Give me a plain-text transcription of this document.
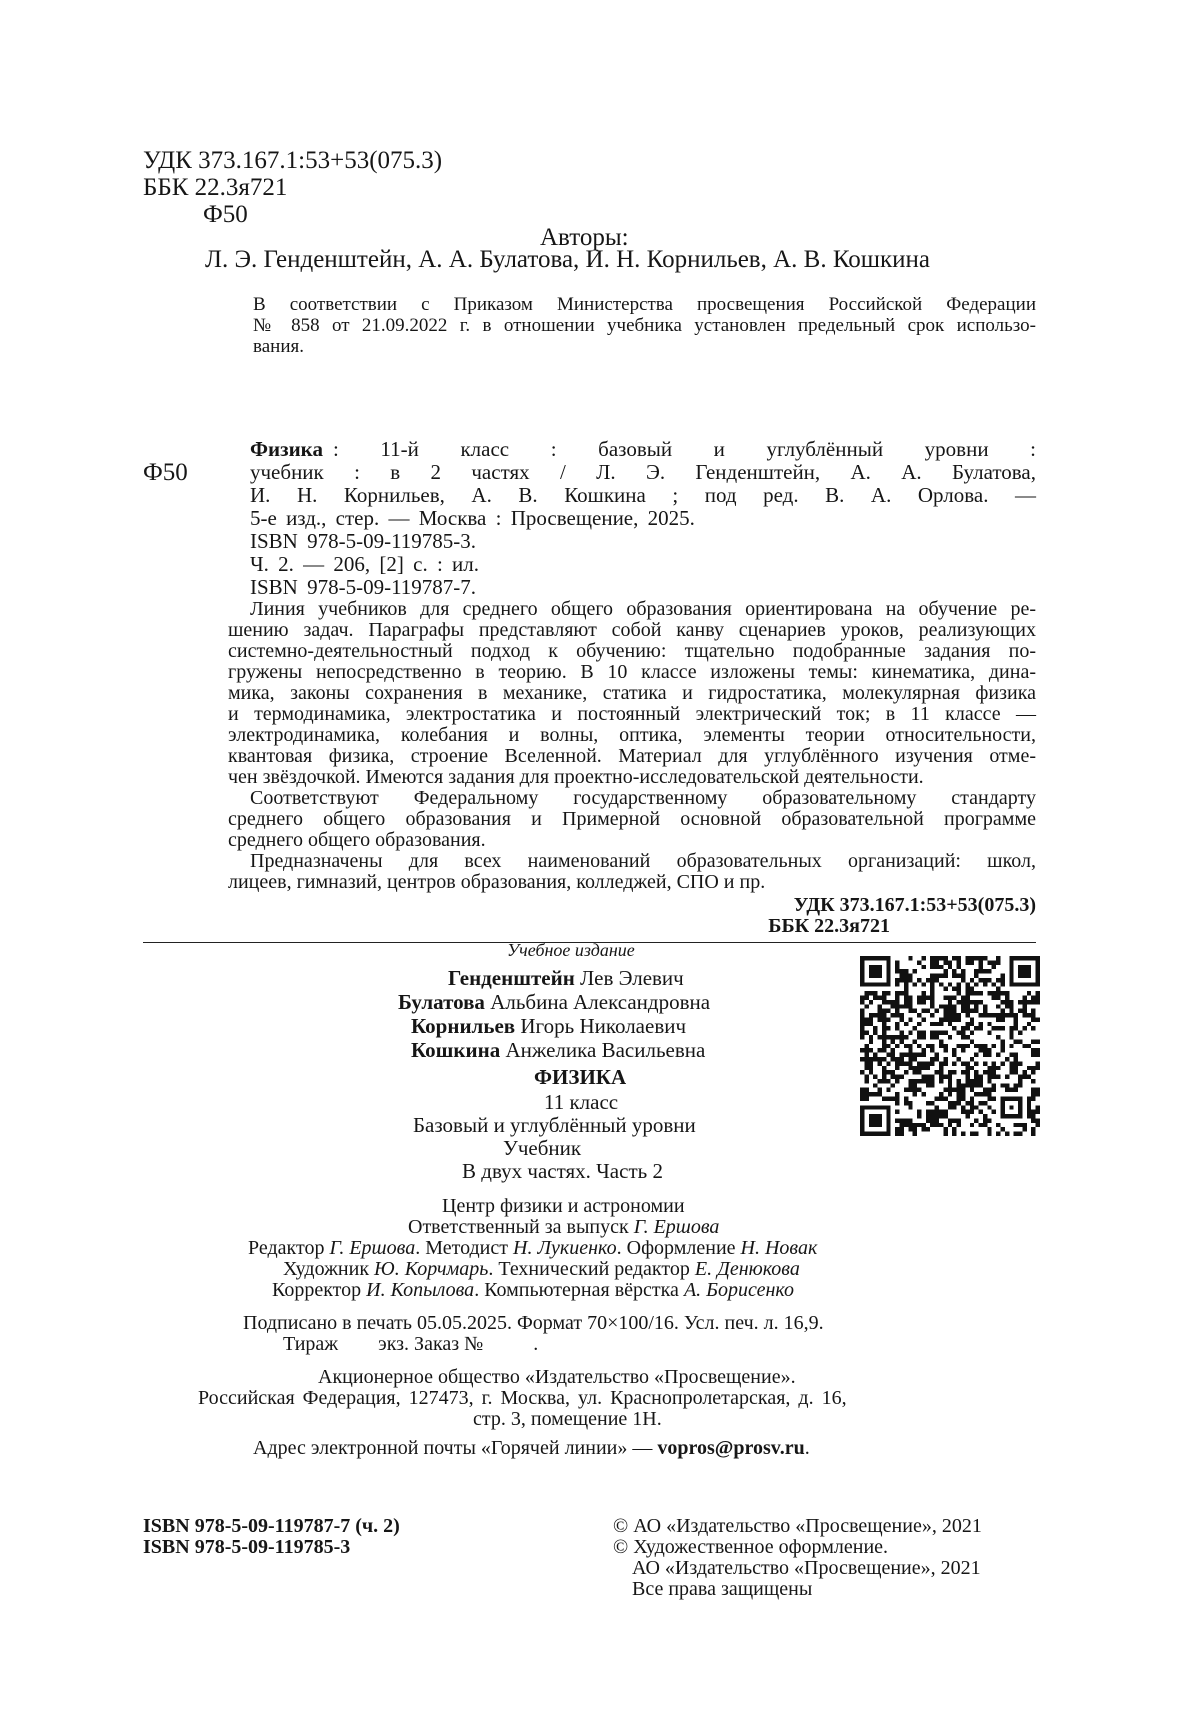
УДК 373.167.1:53+53(075.3)
ББК 22.3я721
Ф50
Авторы:
Л. Э. Генденштейн, А. А. Булатова, И. Н. Корнильев, А. В. Кошкина
В соответствии с Приказом Министерства просвещения Российской Федерации
№ 858 от 21.09.2022 г. в отношении учебника установлен предельный срок использо-
вания.
Ф50
Физика : 11-й класс : базовый и углублённый уровни :
учебник : в 2 частях / Л. Э. Генденштейн, А. А. Булатова,
И. Н. Корнильев, А. В. Кошкина ; под ред. В. А. Орлова. —
5-е изд., стер. — Москва : Просвещение, 2025.
ISBN 978-5-09-119785-3.
Ч. 2. — 206, [2] с. : ил.
ISBN 978-5-09-119787-7.
Линия учебников для среднего общего образования ориентирована на обучение ре-
шению задач. Параграфы представляют собой канву сценариев уроков, реализующих
системно-деятельностный подход к обучению: тщательно подобранные задания по-
гружены непосредственно в теорию. В 10 классе изложены темы: кинематика, дина-
мика, законы сохранения в механике, статика и гидростатика, молекулярная физика
и термодинамика, электростатика и постоянный электрический ток; в 11 классе —
электродинамика, колебания и волны, оптика, элементы теории относительности,
квантовая физика, строение Вселенной. Материал для углублённого изучения отме-
чен звёздочкой. Имеются задания для проектно-исследовательской деятельности.
Соответствуют Федеральному государственному образовательному стандарту
среднего общего образования и Примерной основной образовательной программе
среднего общего образования.
Предназначены для всех наименований образовательных организаций: школ,
лицеев, гимназий, центров образования, колледжей, СПО и пр.
УДК 373.167.1:53+53(075.3)
ББК 22.3я721
Учебное издание
Генденштейн Лев Элевич
Булатова Альбина Александровна
Корнильев Игорь Николаевич
Кошкина Анжелика Васильевна
ФИЗИКА
11 класс
Базовый и углублённый уровни
Учебник
В двух частях. Часть 2
Центр физики и астрономии
Ответственный за выпуск Г. Ершова
Редактор Г. Ершова. Методист Н. Лукиенко. Оформление Н. Новак
Художник Ю. Корчмарь. Технический редактор Е. Денюкова
Корректор И. Копылова. Компьютерная вёрстка А. Борисенко
Подписано в печать 05.05.2025. Формат 70×100/16. Усл. печ. л. 16,9.
Тираж        экз. Заказ №          .
Акционерное общество «Издательство «Просвещение».
Российская Федерация, 127473, г. Москва, ул. Краснопролетарская, д. 16,
стр. 3, помещение 1Н.
Адрес электронной почты «Горячей линии» — vopros@prosv.ru.
ISBN 978-5-09-119787-7 (ч. 2)
ISBN 978-5-09-119785-3
© АО «Издательство «Просвещение», 2021
© Художественное оформление.
АО «Издательство «Просвещение», 2021
Все права защищены
